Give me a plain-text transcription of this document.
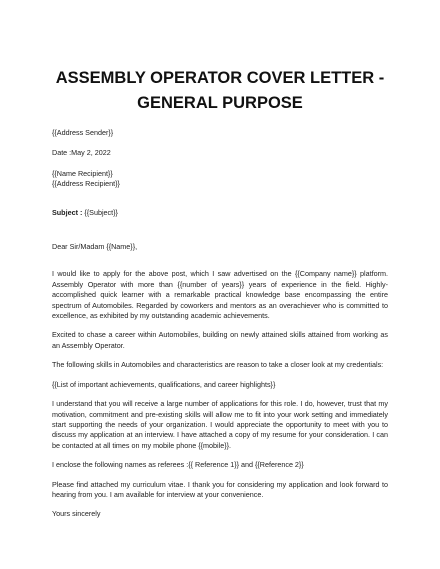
ASSEMBLY OPERATOR COVER LETTER -
GENERAL PURPOSE

{{Address Sender}}

Date :May 2, 2022

{{Name Recipient}}
{{Address Recipient}}

Subject : {{Subject}}

Dear Sir/Madam {{Name}},

I would like to apply for the above post, which I saw advertised on the {{Company name}} platform. Assembly Operator with more than {{number of years}} years of experience in the field. Highly-accomplished quick learner with a remarkable practical knowledge base encompassing the entire spectrum of Automobiles. Regarded by coworkers and mentors as an overachiever who is committed to excellence, as exhibited by my outstanding academic achievements.

Excited to chase a career within Automobiles, building on newly attained skills attained from working as an Assembly Operator.

The following skills in Automobiles and characteristics are reason to take a closer look at my credentials:

{{List of important achievements, qualifications, and career highlights}}

I understand that you will receive a large number of applications for this role. I do, however, trust that my motivation, commitment and pre-existing skills will allow me to fit into your work setting and immediately start supporting the needs of your organization. I would appreciate the opportunity to meet with you to discuss my application at an interview. I have attached a copy of my resume for your consideration. I can be contacted at all times on my mobile phone {{mobile}}.

I enclose the following names as referees :{{ Reference 1}} and {{Reference 2}}

Please find attached my curriculum vitae. I thank you for considering my application and look forward to hearing from you. I am available for interview at your convenience.

Yours sincerely
